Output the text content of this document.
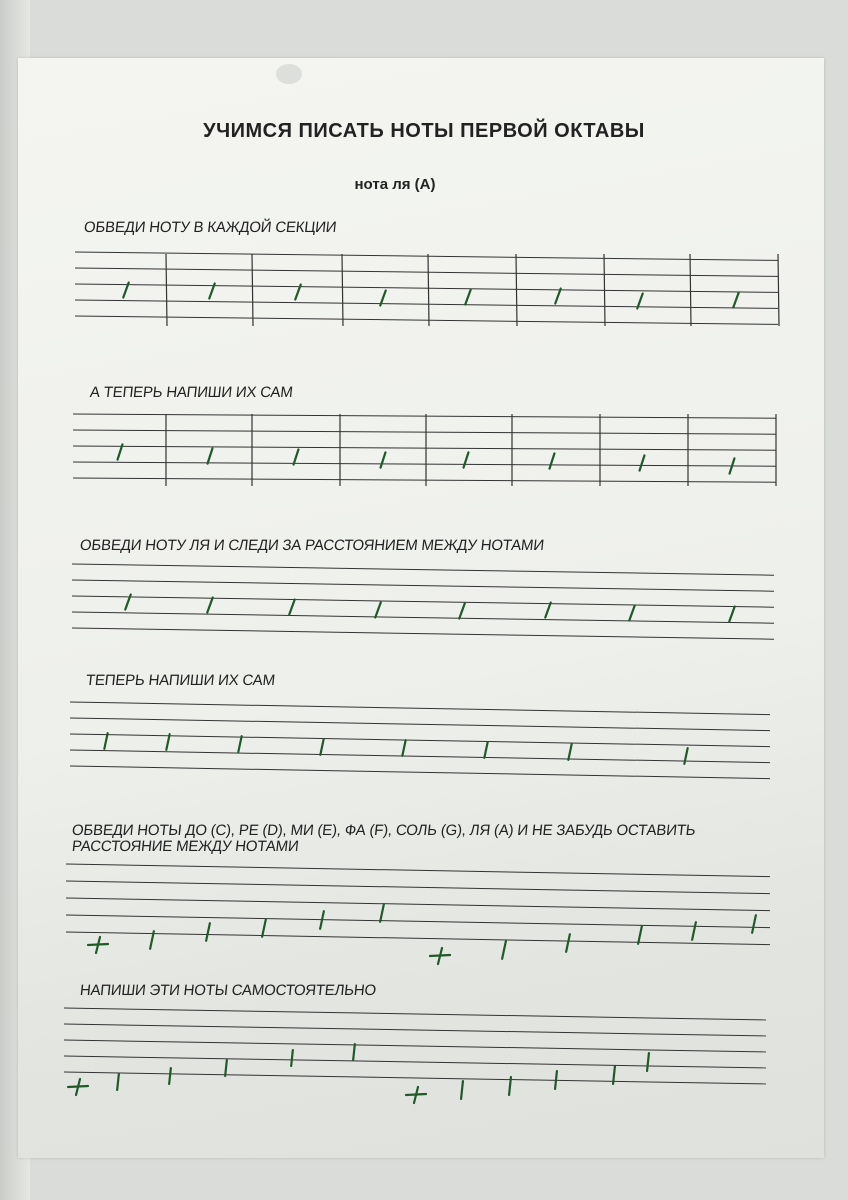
УЧИМСЯ ПИСАТЬ НОТЫ ПЕРВОЙ ОКТАВЫ
нота ля (А)
ОБВЕДИ НОТУ В КАЖДОЙ СЕКЦИИ
А ТЕПЕРЬ НАПИШИ ИХ САМ
ОБВЕДИ НОТУ ЛЯ И СЛЕДИ ЗА РАССТОЯНИЕМ МЕЖДУ НОТАМИ
ТЕПЕРЬ НАПИШИ ИХ САМ
ОБВЕДИ НОТЫ ДО (С), РЕ (D), МИ (Е), ФА (F), СОЛЬ (G), ЛЯ (А) И НЕ ЗАБУДЬ ОСТАВИТЬ
РАССТОЯНИЕ МЕЖДУ НОТАМИ
НАПИШИ ЭТИ НОТЫ САМОСТОЯТЕЛЬНО
